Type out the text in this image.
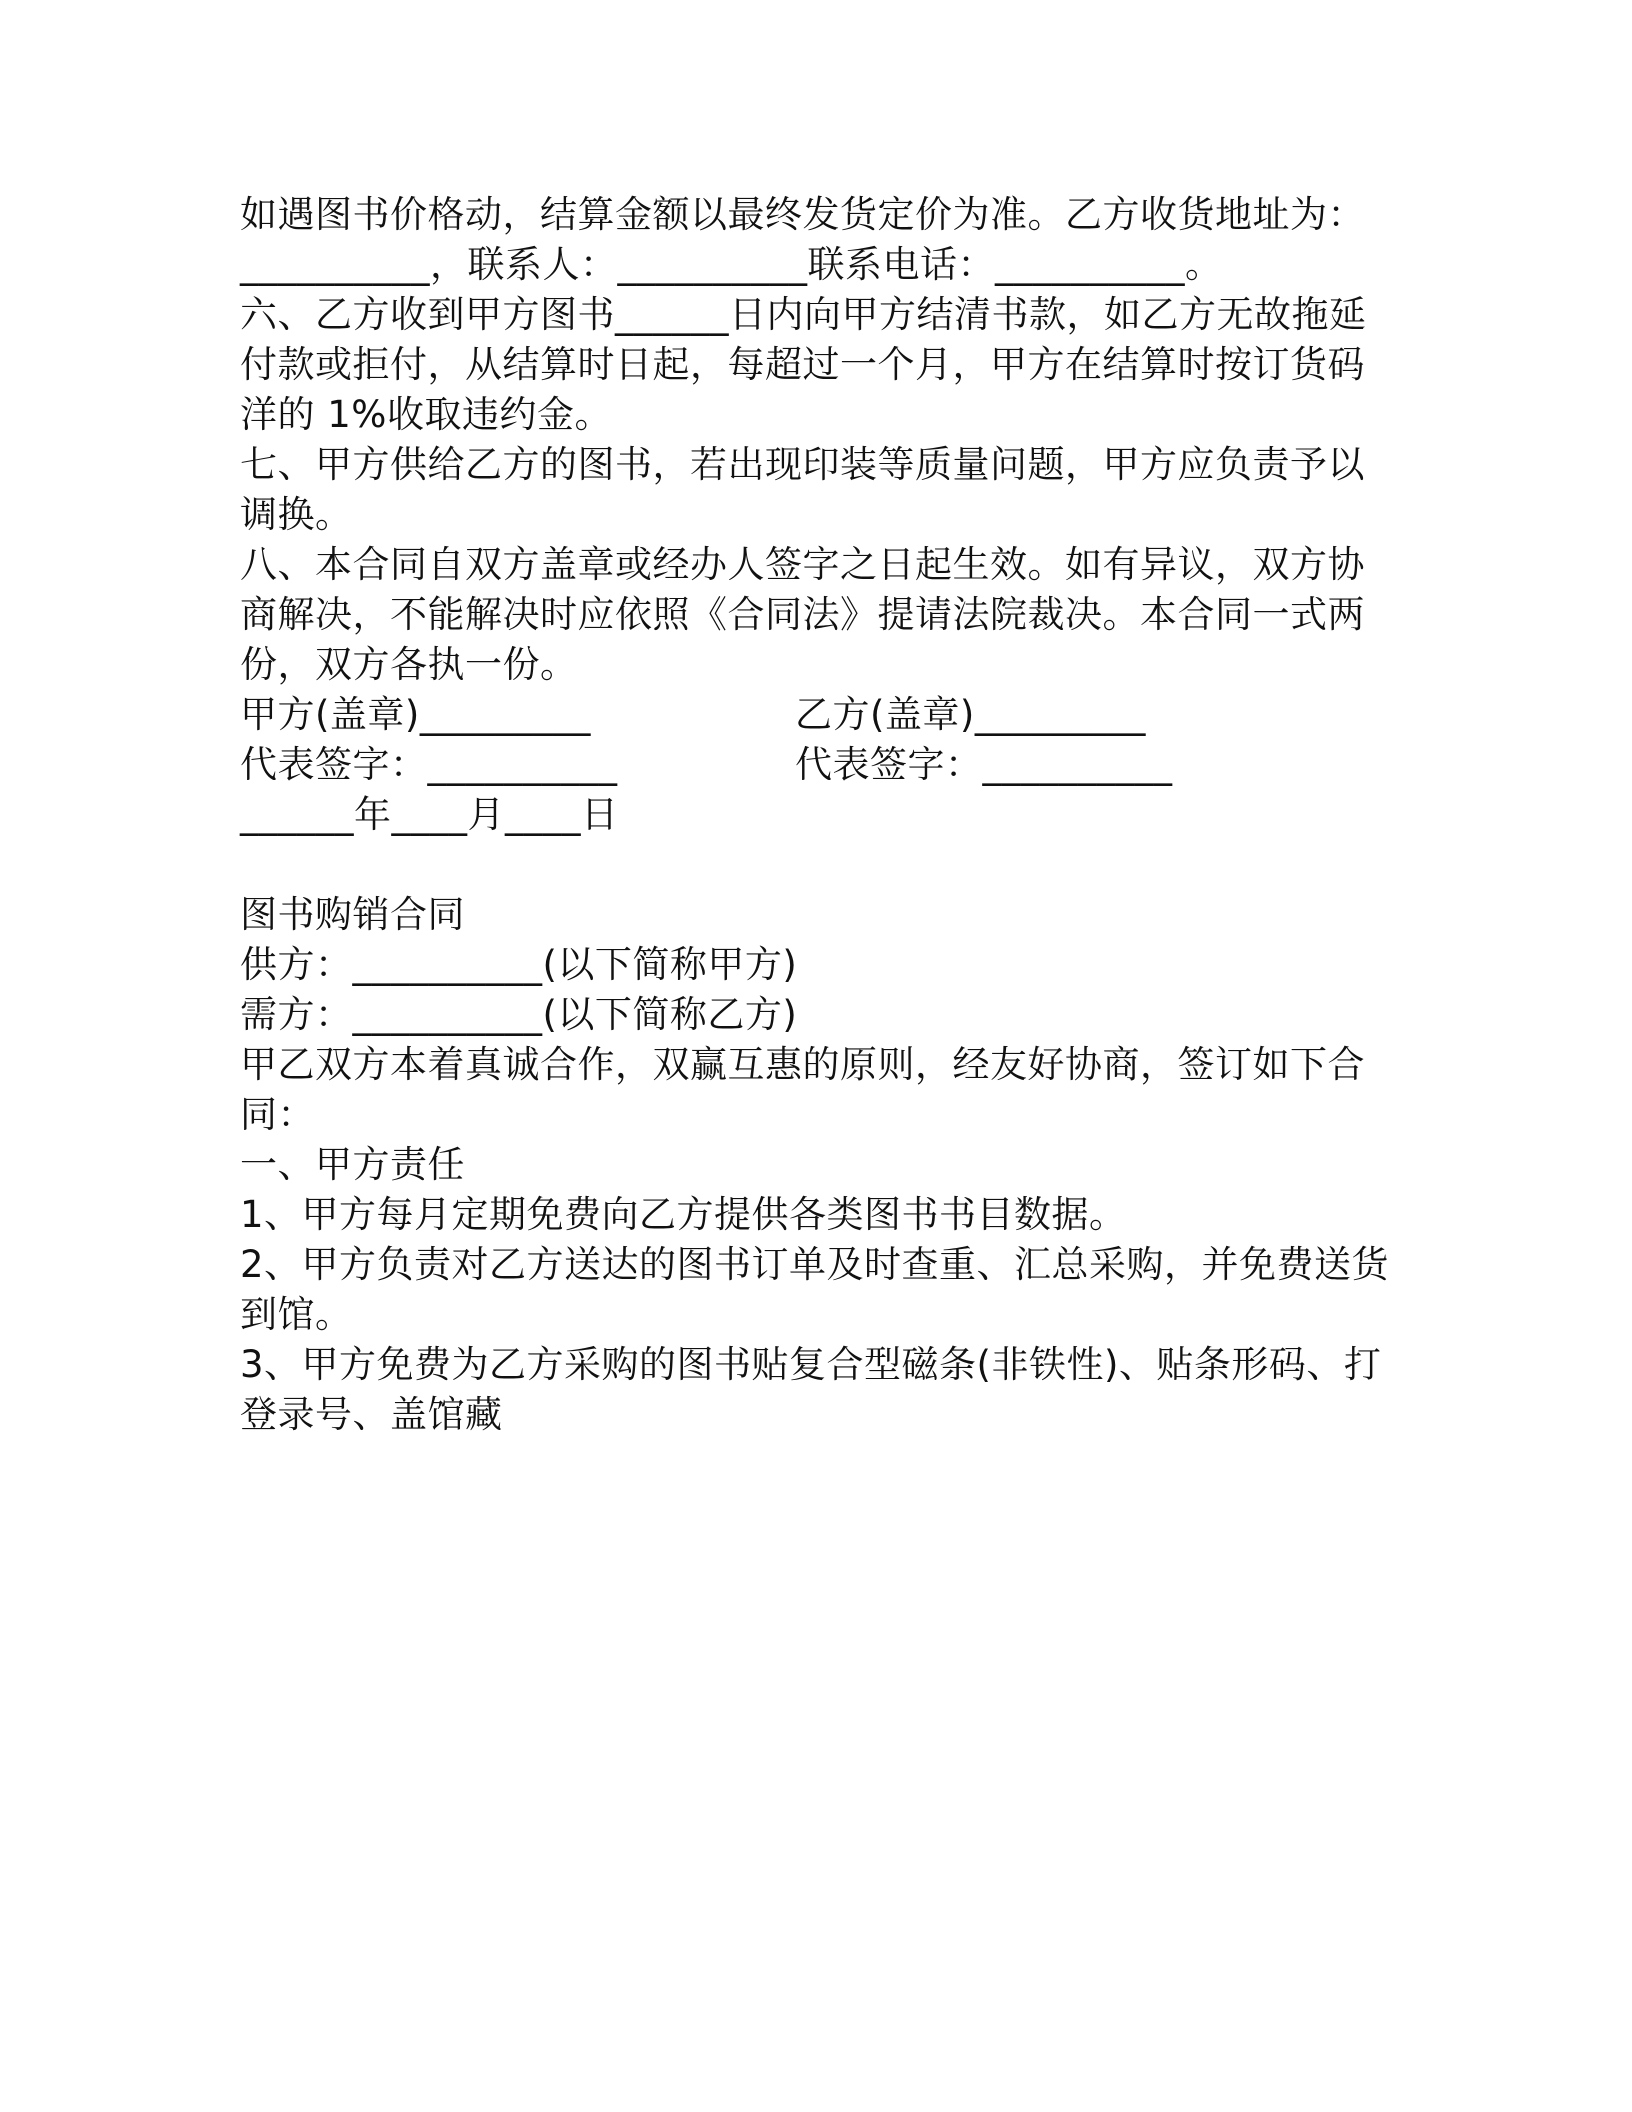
如遇图书价格动，结算金额以最终发货定价为准。乙方收货地址为：
__________，联系人：__________联系电话：__________。
六、乙方收到甲方图书______日内向甲方结清书款，如乙方无故拖延
付款或拒付，从结算时日起，每超过一个月，甲方在结算时按订货码
洋的 1%收取违约金。
七、甲方供给乙方的图书，若出现印装等质量问题，甲方应负责予以
调换。
八、本合同自双方盖章或经办人签字之日起生效。如有异议，双方协
商解决，不能解决时应依照《合同法》提请法院裁决。本合同一式两
份，双方各执一份。
甲方(盖章)_________	乙方(盖章)_________
代表签字：__________	代表签字：__________
______年____月____日
图书购销合同
供方：__________(以下简称甲方)
需方：__________(以下简称乙方)
甲乙双方本着真诚合作，双赢互惠的原则，经友好协商，签订如下合
同：
一、甲方责任
1、甲方每月定期免费向乙方提供各类图书书目数据。
2、甲方负责对乙方送达的图书订单及时查重、汇总采购，并免费送货
到馆。
3、甲方免费为乙方采购的图书贴复合型磁条(非铁性)、贴条形码、打
登录号、盖馆藏
